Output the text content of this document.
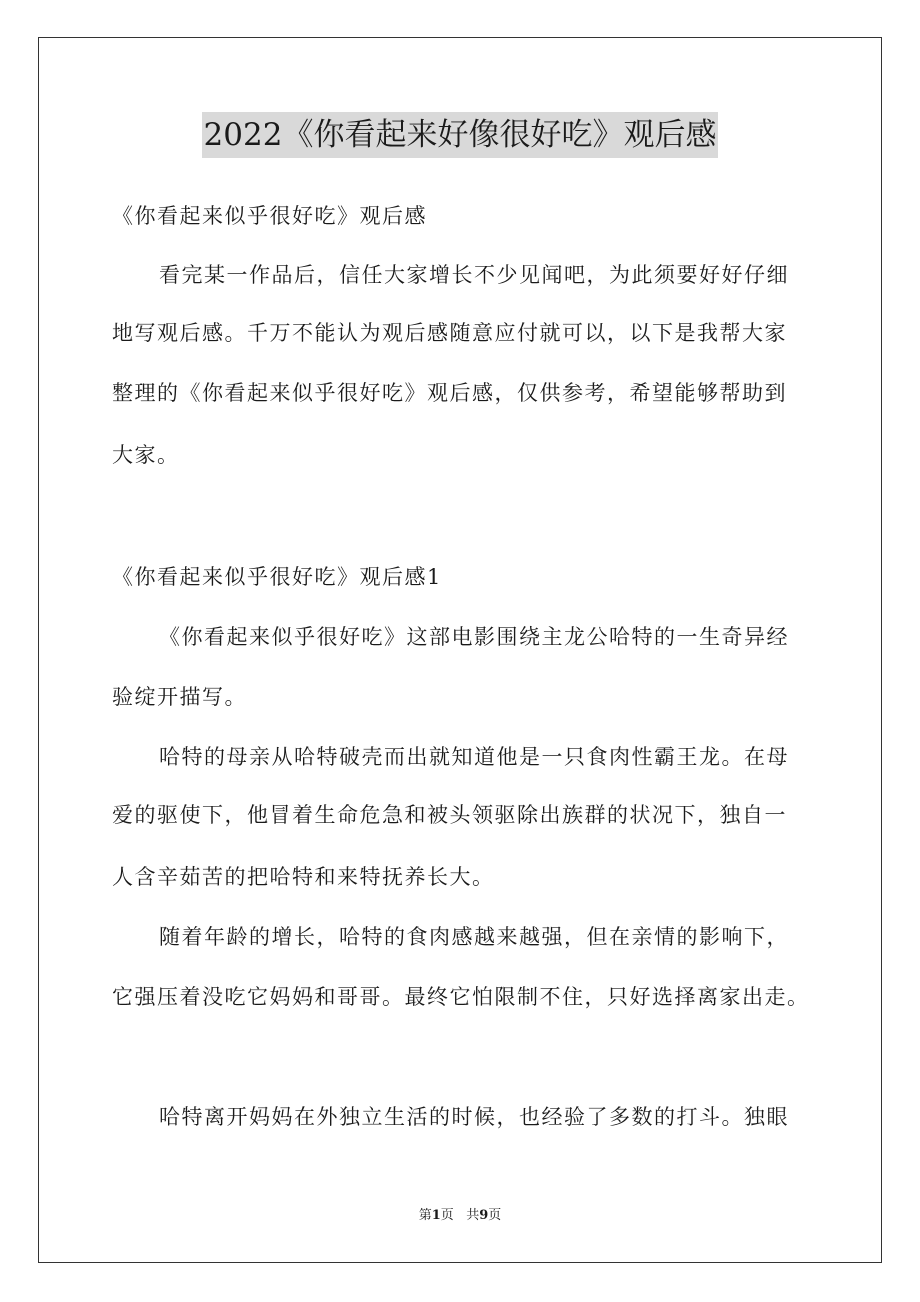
2022《你看起来好像很好吃》观后感
《你看起来似乎很好吃》观后感
看完某一作品后，信任大家增长不少见闻吧，为此须要好好仔细
地写观后感。千万不能认为观后感随意应付就可以，以下是我帮大家
整理的《你看起来似乎很好吃》观后感，仅供参考，希望能够帮助到
大家。
《你看起来似乎很好吃》观后感1
《你看起来似乎很好吃》这部电影围绕主龙公哈特的一生奇异经
验绽开描写。
哈特的母亲从哈特破壳而出就知道他是一只食肉性霸王龙。在母
爱的驱使下，他冒着生命危急和被头领驱除出族群的状况下，独自一
人含辛茹苦的把哈特和来特抚养长大。
随着年龄的增长，哈特的食肉感越来越强，但在亲情的影响下，
它强压着没吃它妈妈和哥哥。最终它怕限制不住，只好选择离家出走。
哈特离开妈妈在外独立生活的时候，也经验了多数的打斗。独眼
第1页 共9页
